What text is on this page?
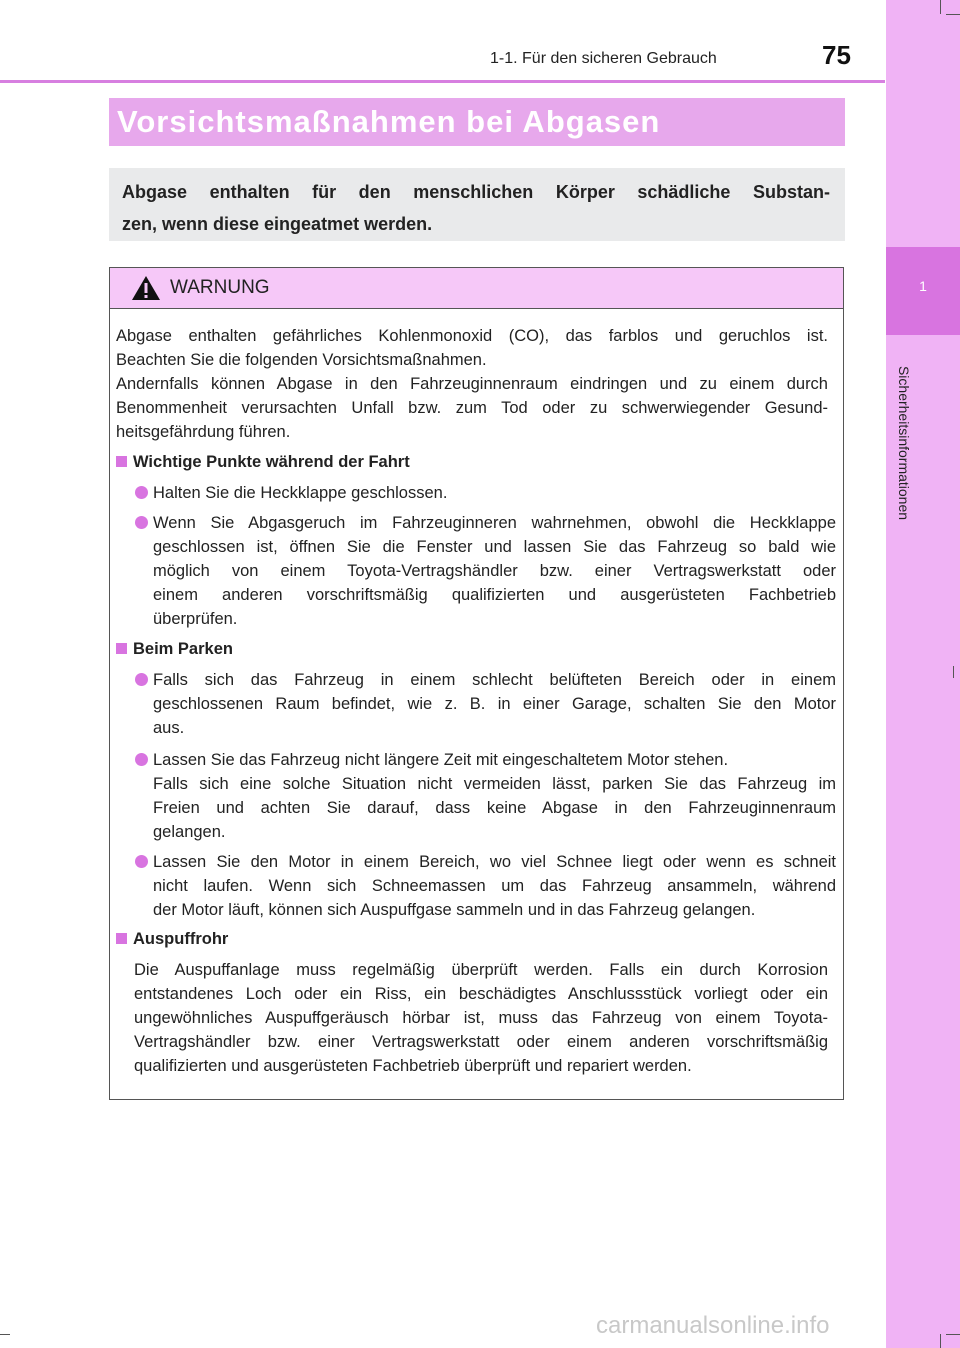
1
Sicherheitsinformationen
1-1. Für den sicheren Gebrauch	75
Vorsichtsmaßnahmen bei Abgasen
Abgase enthalten für den menschlichen Körper schädliche Substan-
zen, wenn diese eingeatmet werden.
WARNUNG
Abgase enthalten gefährliches Kohlenmonoxid (CO), das farblos und geruchlos ist.
Beachten Sie die folgenden Vorsichtsmaßnahmen.
Andernfalls können Abgase in den Fahrzeuginnenraum eindringen und zu einem durch
Benommenheit verursachten Unfall bzw. zum Tod oder zu schwerwiegender Gesund-
heitsgefährdung führen.
Wichtige Punkte während der Fahrt
Halten Sie die Heckklappe geschlossen.
Wenn Sie Abgasgeruch im Fahrzeuginneren wahrnehmen, obwohl die Heckklappe
geschlossen ist, öffnen Sie die Fenster und lassen Sie das Fahrzeug so bald wie
möglich von einem Toyota-Vertragshändler bzw. einer Vertragswerkstatt oder
einem anderen vorschriftsmäßig qualifizierten und ausgerüsteten Fachbetrieb
überprüfen.
Beim Parken
Falls sich das Fahrzeug in einem schlecht belüfteten Bereich oder in einem
geschlossenen Raum befindet, wie z. B. in einer Garage, schalten Sie den Motor
aus.
Lassen Sie das Fahrzeug nicht längere Zeit mit eingeschaltetem Motor stehen.
Falls sich eine solche Situation nicht vermeiden lässt, parken Sie das Fahrzeug im
Freien und achten Sie darauf, dass keine Abgase in den Fahrzeuginnenraum
gelangen.
Lassen Sie den Motor in einem Bereich, wo viel Schnee liegt oder wenn es schneit
nicht laufen. Wenn sich Schneemassen um das Fahrzeug ansammeln, während
der Motor läuft, können sich Auspuffgase sammeln und in das Fahrzeug gelangen.
Auspuffrohr
Die Auspuffanlage muss regelmäßig überprüft werden. Falls ein durch Korrosion
entstandenes Loch oder ein Riss, ein beschädigtes Anschlussstück vorliegt oder ein
ungewöhnliches Auspuffgeräusch hörbar ist, muss das Fahrzeug von einem Toyota-
Vertragshändler bzw. einer Vertragswerkstatt oder einem anderen vorschriftsmäßig
qualifizierten und ausgerüsteten Fachbetrieb überprüft und repariert werden.
carmanualsonline.info
